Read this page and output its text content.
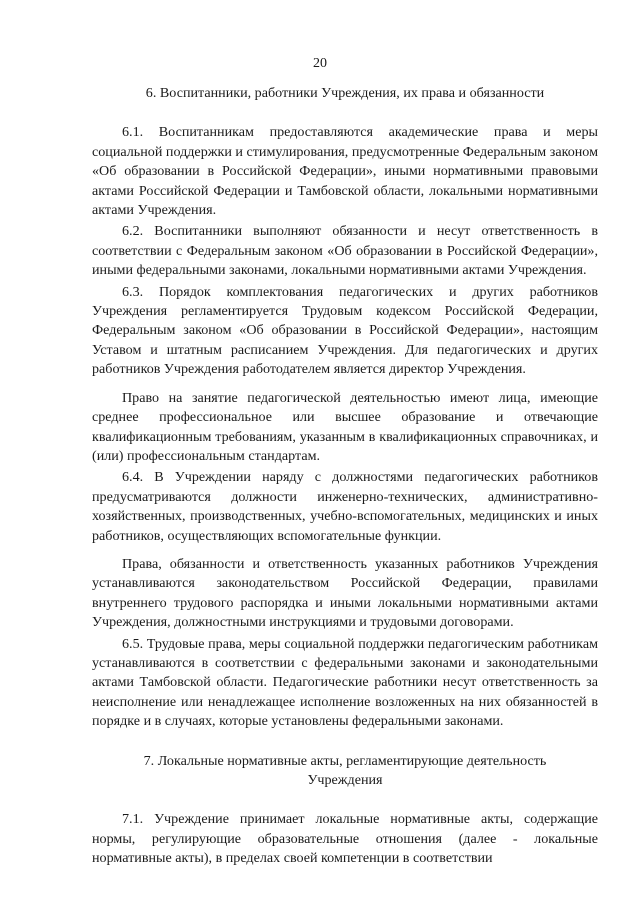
20

6. Воспитанники, работники Учреждения, их права и обязанности

6.1. Воспитанникам предоставляются академические права и меры социальной поддержки и стимулирования, предусмотренные Федеральным законом «Об образовании в Российской Федерации», иными нормативными правовыми актами Российской Федерации и Тамбовской области, локальными нормативными актами Учреждения.

6.2. Воспитанники выполняют обязанности и несут ответственность в соответствии с Федеральным законом «Об образовании в Российской Федерации», иными федеральными законами, локальными нормативными актами Учреждения.

6.3. Порядок комплектования педагогических и других работников Учреждения регламентируется Трудовым кодексом Российской Федерации, Федеральным законом «Об образовании в Российской Федерации», настоящим Уставом и штатным расписанием Учреждения. Для педагогических и других работников Учреждения работодателем является директор Учреждения.

Право на занятие педагогической деятельностью имеют лица, имеющие среднее профессиональное или высшее образование и отвечающие квалификационным требованиям, указанным в квалификационных справочниках, и (или) профессиональным стандартам.

6.4. В Учреждении наряду с должностями педагогических работников предусматриваются должности инженерно-технических, административно-хозяйственных, производственных, учебно-вспомогательных, медицинских и иных работников, осуществляющих вспомогательные функции.

Права, обязанности и ответственность указанных работников Учреждения устанавливаются законодательством Российской Федерации, правилами внутреннего трудового распорядка и иными локальными нормативными актами Учреждения, должностными инструкциями и трудовыми договорами.

6.5. Трудовые права, меры социальной поддержки педагогическим работникам устанавливаются в соответствии с федеральными законами и законодательными актами Тамбовской области. Педагогические работники несут ответственность за неисполнение или ненадлежащее исполнение возложенных на них обязанностей в порядке и в случаях, которые установлены федеральными законами.

7. Локальные нормативные акты, регламентирующие деятельность

Учреждения

7.1. Учреждение принимает локальные нормативные акты, содержащие нормы, регулирующие образовательные отношения (далее - локальные нормативные акты), в пределах своей компетенции в соответствии
